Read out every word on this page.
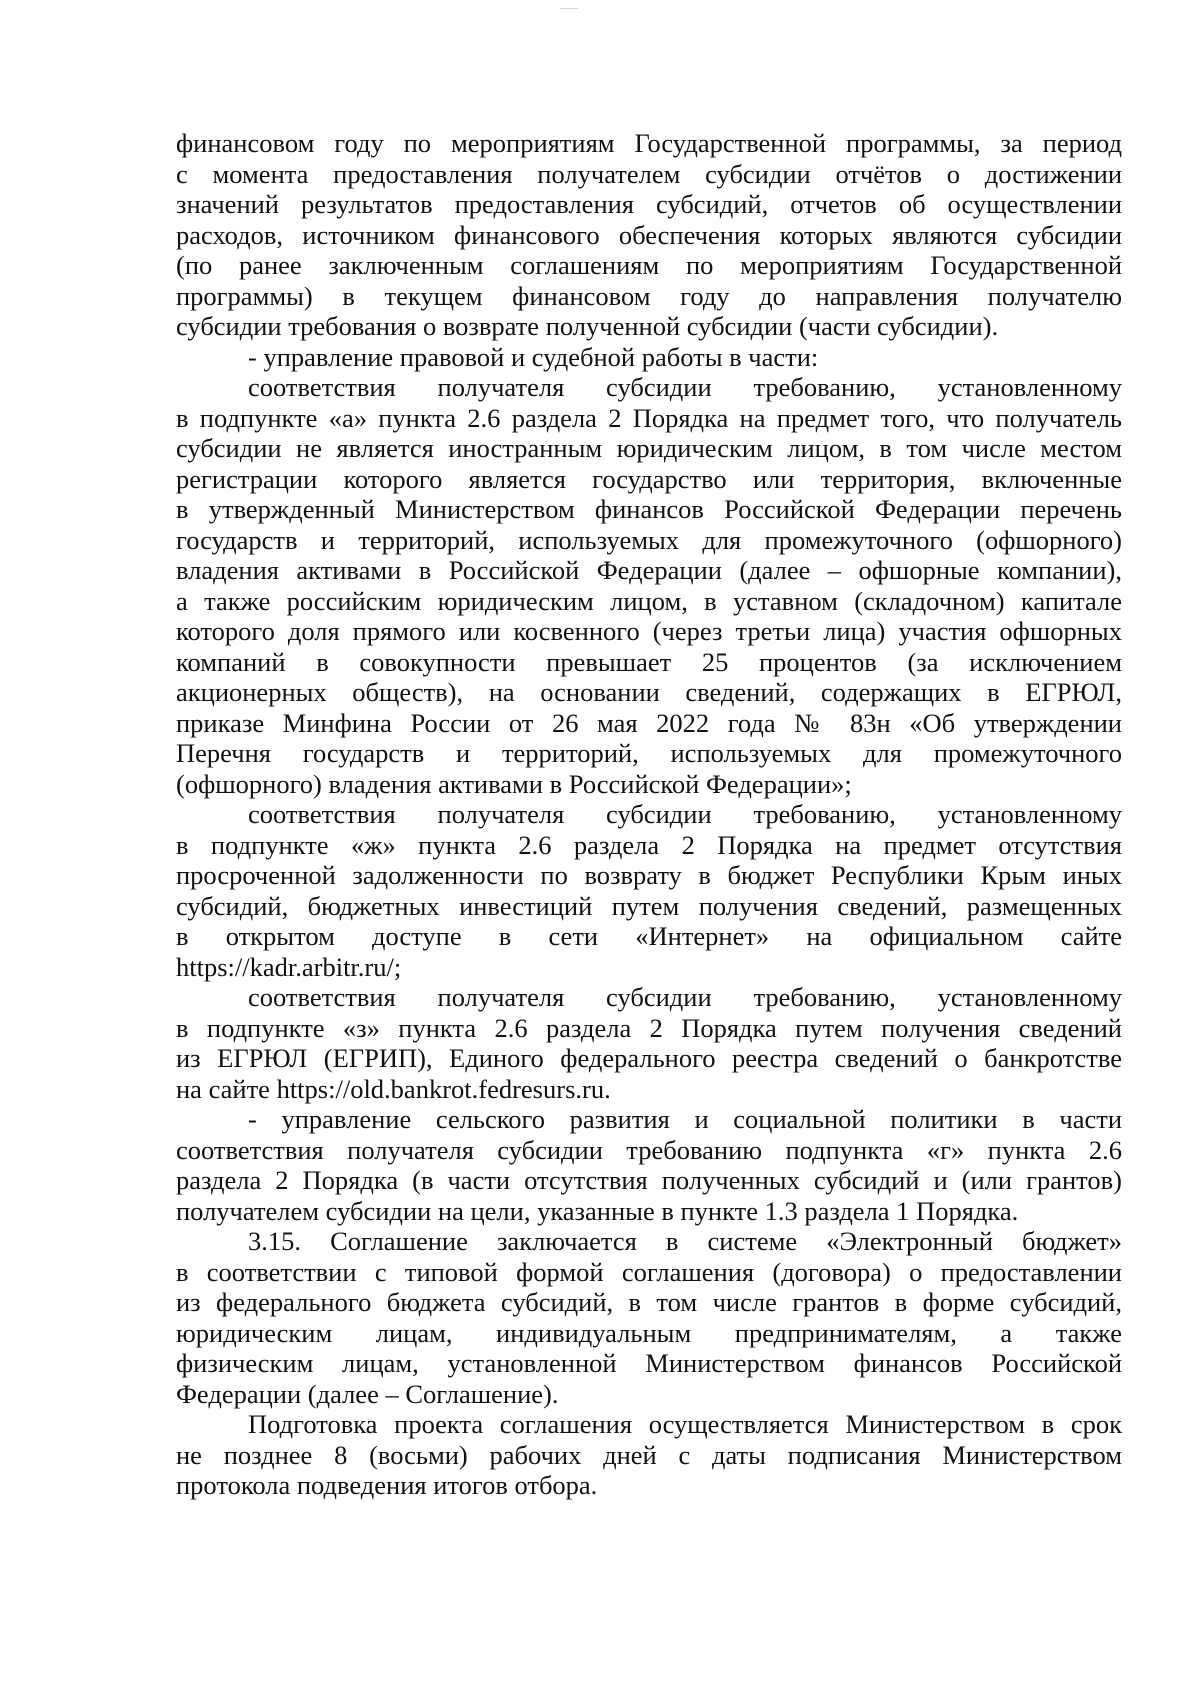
финансовом году по мероприятиям Государственной программы, за период
с момента предоставления получателем субсидии отчётов о достижении
значений результатов предоставления субсидий, отчетов об осуществлении
расходов, источником финансового обеспечения которых являются субсидии
(по ранее заключенным соглашениям по мероприятиям Государственной
программы) в текущем финансовом году до направления получателю
субсидии требования о возврате полученной субсидии (части субсидии).
- управление правовой и судебной работы в части:
соответствия получателя субсидии требованию, установленному
в подпункте «а» пункта 2.6 раздела 2 Порядка на предмет того, что получатель
субсидии не является иностранным юридическим лицом, в том числе местом
регистрации которого является государство или территория, включенные
в утвержденный Министерством финансов Российской Федерации перечень
государств и территорий, используемых для промежуточного (офшорного)
владения активами в Российской Федерации (далее – офшорные компании),
а также российским юридическим лицом, в уставном (складочном) капитале
которого доля прямого или косвенного (через третьи лица) участия офшорных
компаний в совокупности превышает 25 процентов (за исключением
акционерных обществ), на основании сведений, содержащих в ЕГРЮЛ,
приказе Минфина России от 26 мая 2022 года № 83н «Об утверждении
Перечня государств и территорий, используемых для промежуточного
(офшорного) владения активами в Российской Федерации»;
соответствия получателя субсидии требованию, установленному
в подпункте «ж» пункта 2.6 раздела 2 Порядка на предмет отсутствия
просроченной задолженности по возврату в бюджет Республики Крым иных
субсидий, бюджетных инвестиций путем получения сведений, размещенных
в открытом доступе в сети «Интернет» на официальном сайте
https://kadr.arbitr.ru/;
соответствия получателя субсидии требованию, установленному
в подпункте «з» пункта 2.6 раздела 2 Порядка путем получения сведений
из ЕГРЮЛ (ЕГРИП), Единого федерального реестра сведений о банкротстве
на сайте https://old.bankrot.fedresurs.ru.
- управление сельского развития и социальной политики в части
соответствия получателя субсидии требованию подпункта «г» пункта 2.6
раздела 2 Порядка (в части отсутствия полученных субсидий и (или грантов)
получателем субсидии на цели, указанные в пункте 1.3 раздела 1 Порядка.
3.15. Соглашение заключается в системе «Электронный бюджет»
в соответствии с типовой формой соглашения (договора) о предоставлении
из федерального бюджета субсидий, в том числе грантов в форме субсидий,
юридическим лицам, индивидуальным предпринимателям, а также
физическим лицам, установленной Министерством финансов Российской
Федерации (далее – Соглашение).
Подготовка проекта соглашения осуществляется Министерством в срок
не позднее 8 (восьми) рабочих дней с даты подписания Министерством
протокола подведения итогов отбора.
